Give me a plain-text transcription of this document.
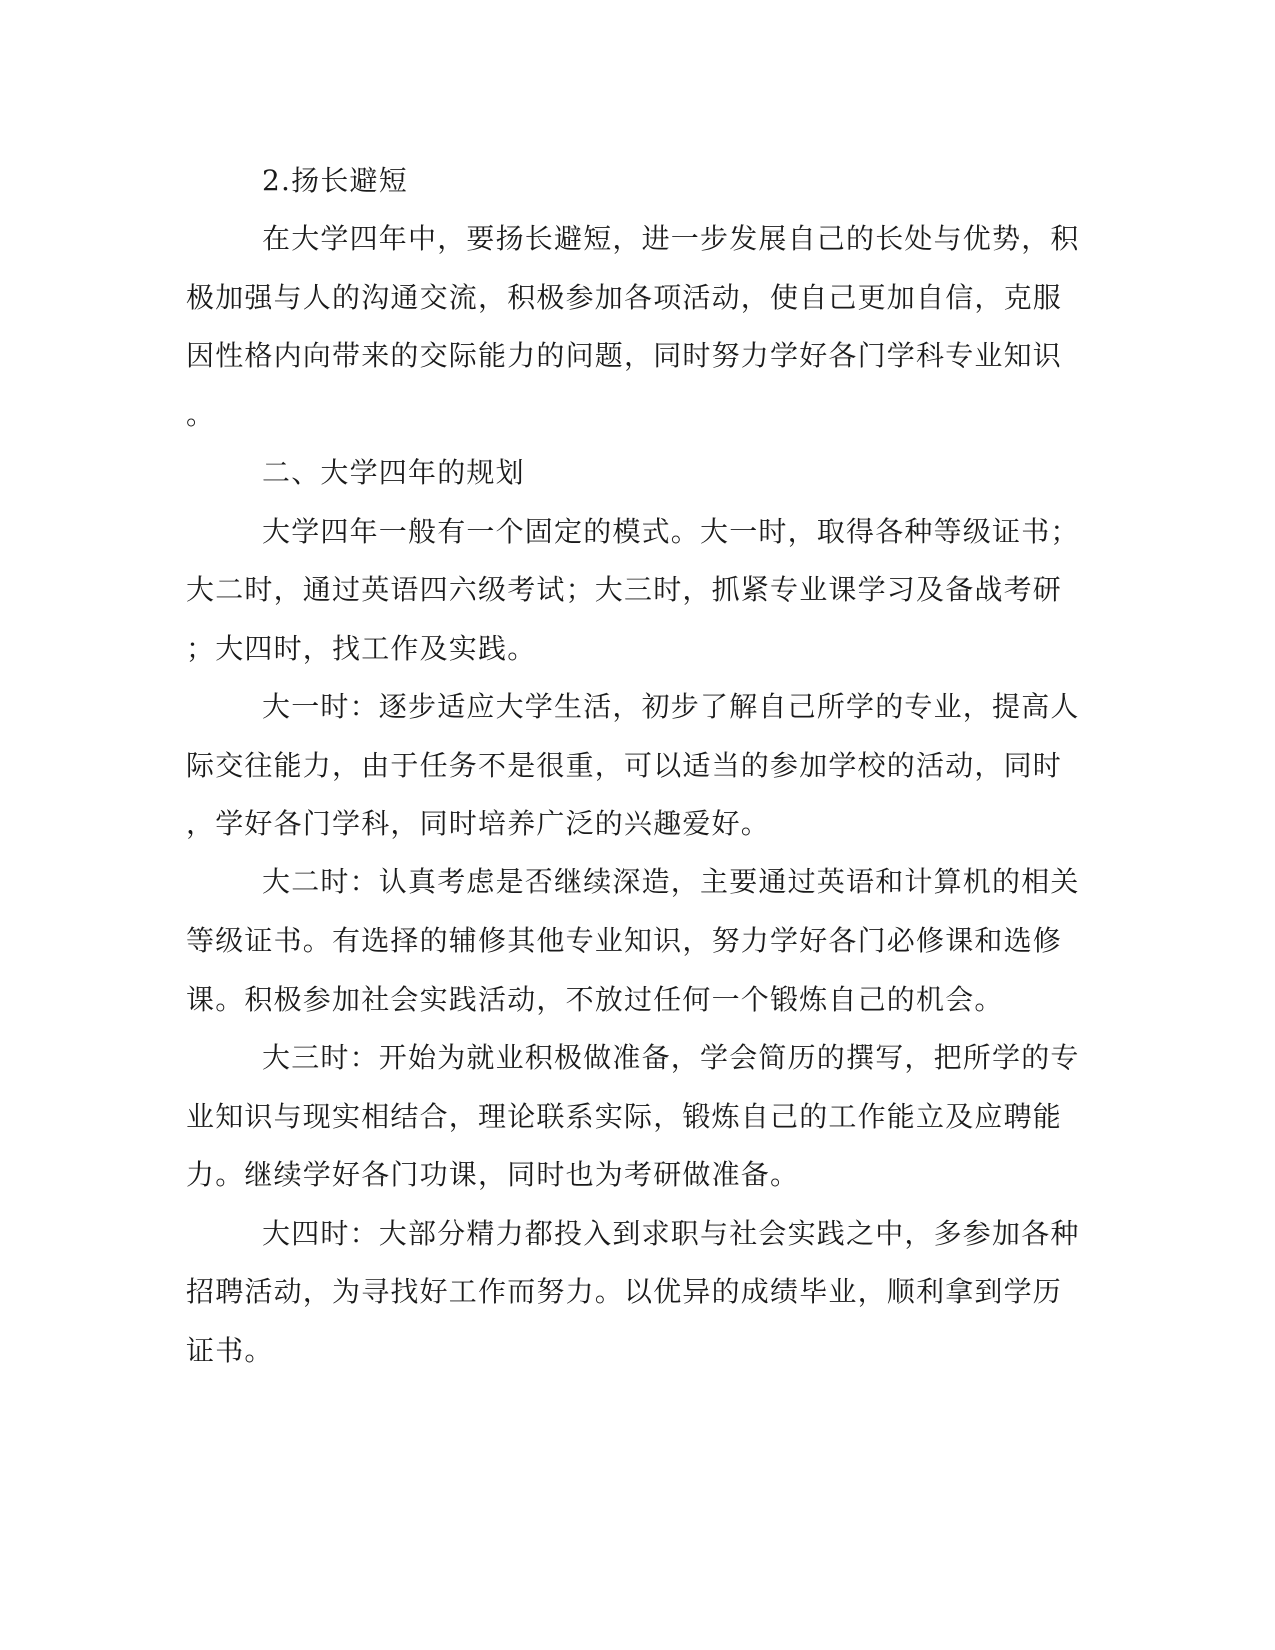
2.扬长避短
在大学四年中，要扬长避短，进一步发展自己的长处与优势，积
极加强与人的沟通交流，积极参加各项活动，使自己更加自信，克服
因性格内向带来的交际能力的问题，同时努力学好各门学科专业知识
。
二、大学四年的规划
大学四年一般有一个固定的模式。大一时，取得各种等级证书；
大二时，通过英语四六级考试；大三时，抓紧专业课学习及备战考研
；大四时，找工作及实践。
大一时：逐步适应大学生活，初步了解自己所学的专业，提高人
际交往能力，由于任务不是很重，可以适当的参加学校的活动，同时
，学好各门学科，同时培养广泛的兴趣爱好。
大二时：认真考虑是否继续深造，主要通过英语和计算机的相关
等级证书。有选择的辅修其他专业知识，努力学好各门必修课和选修
课。积极参加社会实践活动，不放过任何一个锻炼自己的机会。
大三时：开始为就业积极做准备，学会简历的撰写，把所学的专
业知识与现实相结合，理论联系实际，锻炼自己的工作能立及应聘能
力。继续学好各门功课，同时也为考研做准备。
大四时：大部分精力都投入到求职与社会实践之中，多参加各种
招聘活动，为寻找好工作而努力。以优异的成绩毕业，顺利拿到学历
证书。
